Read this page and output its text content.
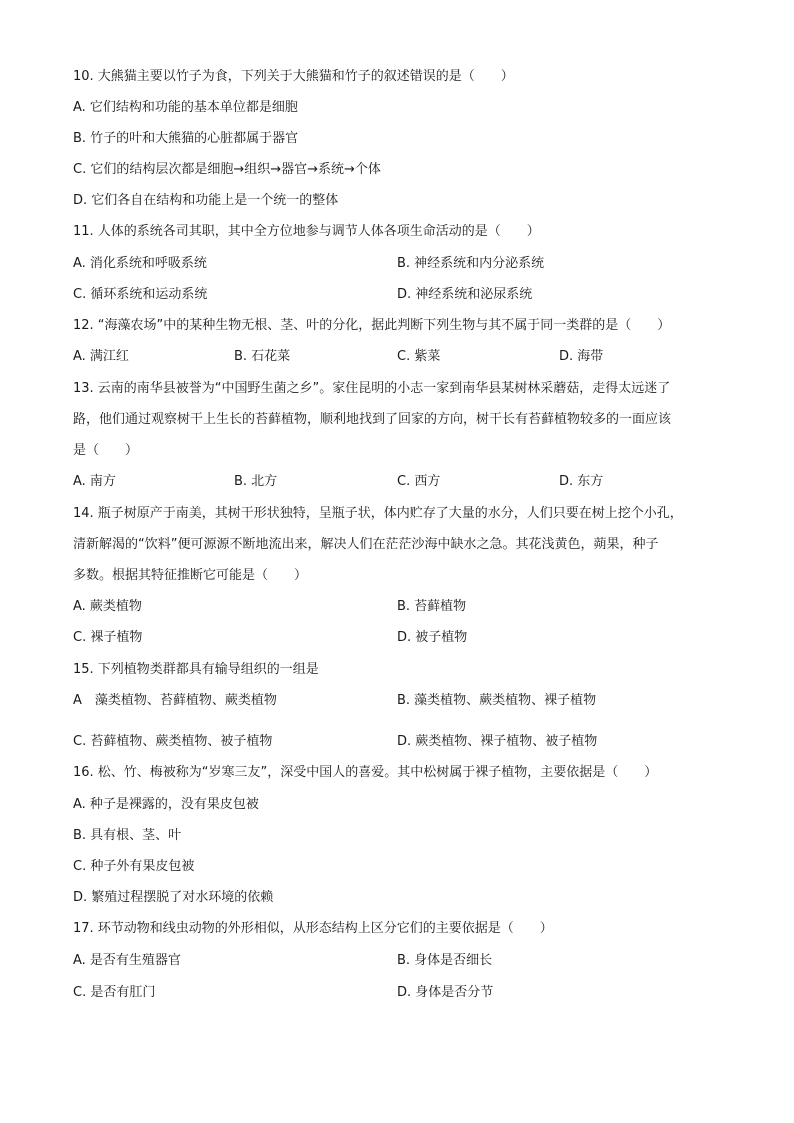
10. 大熊猫主要以竹子为食，下列关于大熊猫和竹子的叙述错误的是（　　）
A. 它们结构和功能的基本单位都是细胞
B. 竹子的叶和大熊猫的心脏都属于器官
C. 它们的结构层次都是细胞→组织→器官→系统→个体
D. 它们各自在结构和功能上是一个统一的整体
11. 人体的系统各司其职，其中全方位地参与调节人体各项生命活动的是（　　）
A. 消化系统和呼吸系统	B. 神经系统和内分泌系统
C. 循环系统和运动系统	D. 神经系统和泌尿系统
12. “海藻农场”中的某种生物无根、茎、叶的分化，据此判断下列生物与其不属于同一类群的是（　　）
A. 满江红	B. 石花菜	C. 紫菜	D. 海带
13. 云南的南华县被誉为“中国野生菌之乡”。家住昆明的小志一家到南华县某树林采蘑菇，走得太远迷了
路，他们通过观察树干上生长的苔藓植物，顺利地找到了回家的方向，树干长有苔藓植物较多的一面应该
是（　　）
A. 南方	B. 北方	C. 西方	D. 东方
14. 瓶子树原产于南美，其树干形状独特，呈瓶子状，体内贮存了大量的水分，人们只要在树上挖个小孔，
清新解渴的“饮料”便可源源不断地流出来，解决人们在茫茫沙海中缺水之急。其花浅黄色，蒴果，种子
多数。根据其特征推断它可能是（　　）
A. 蕨类植物	B. 苔藓植物
C. 裸子植物	D. 被子植物
15. 下列植物类群都具有输导组织的一组是
A　藻类植物、苔藓植物、蕨类植物	B. 藻类植物、蕨类植物、裸子植物
C. 苔藓植物、蕨类植物、被子植物	D. 蕨类植物、裸子植物、被子植物
16. 松、竹、梅被称为“岁寒三友”，深受中国人的喜爱。其中松树属于裸子植物，主要依据是（　　）
A. 种子是裸露的，没有果皮包被
B. 具有根、茎、叶
C. 种子外有果皮包被
D. 繁殖过程摆脱了对水环境的依赖
17. 环节动物和线虫动物的外形相似，从形态结构上区分它们的主要依据是（　　）
A. 是否有生殖器官	B. 身体是否细长
C. 是否有肛门	D. 身体是否分节
